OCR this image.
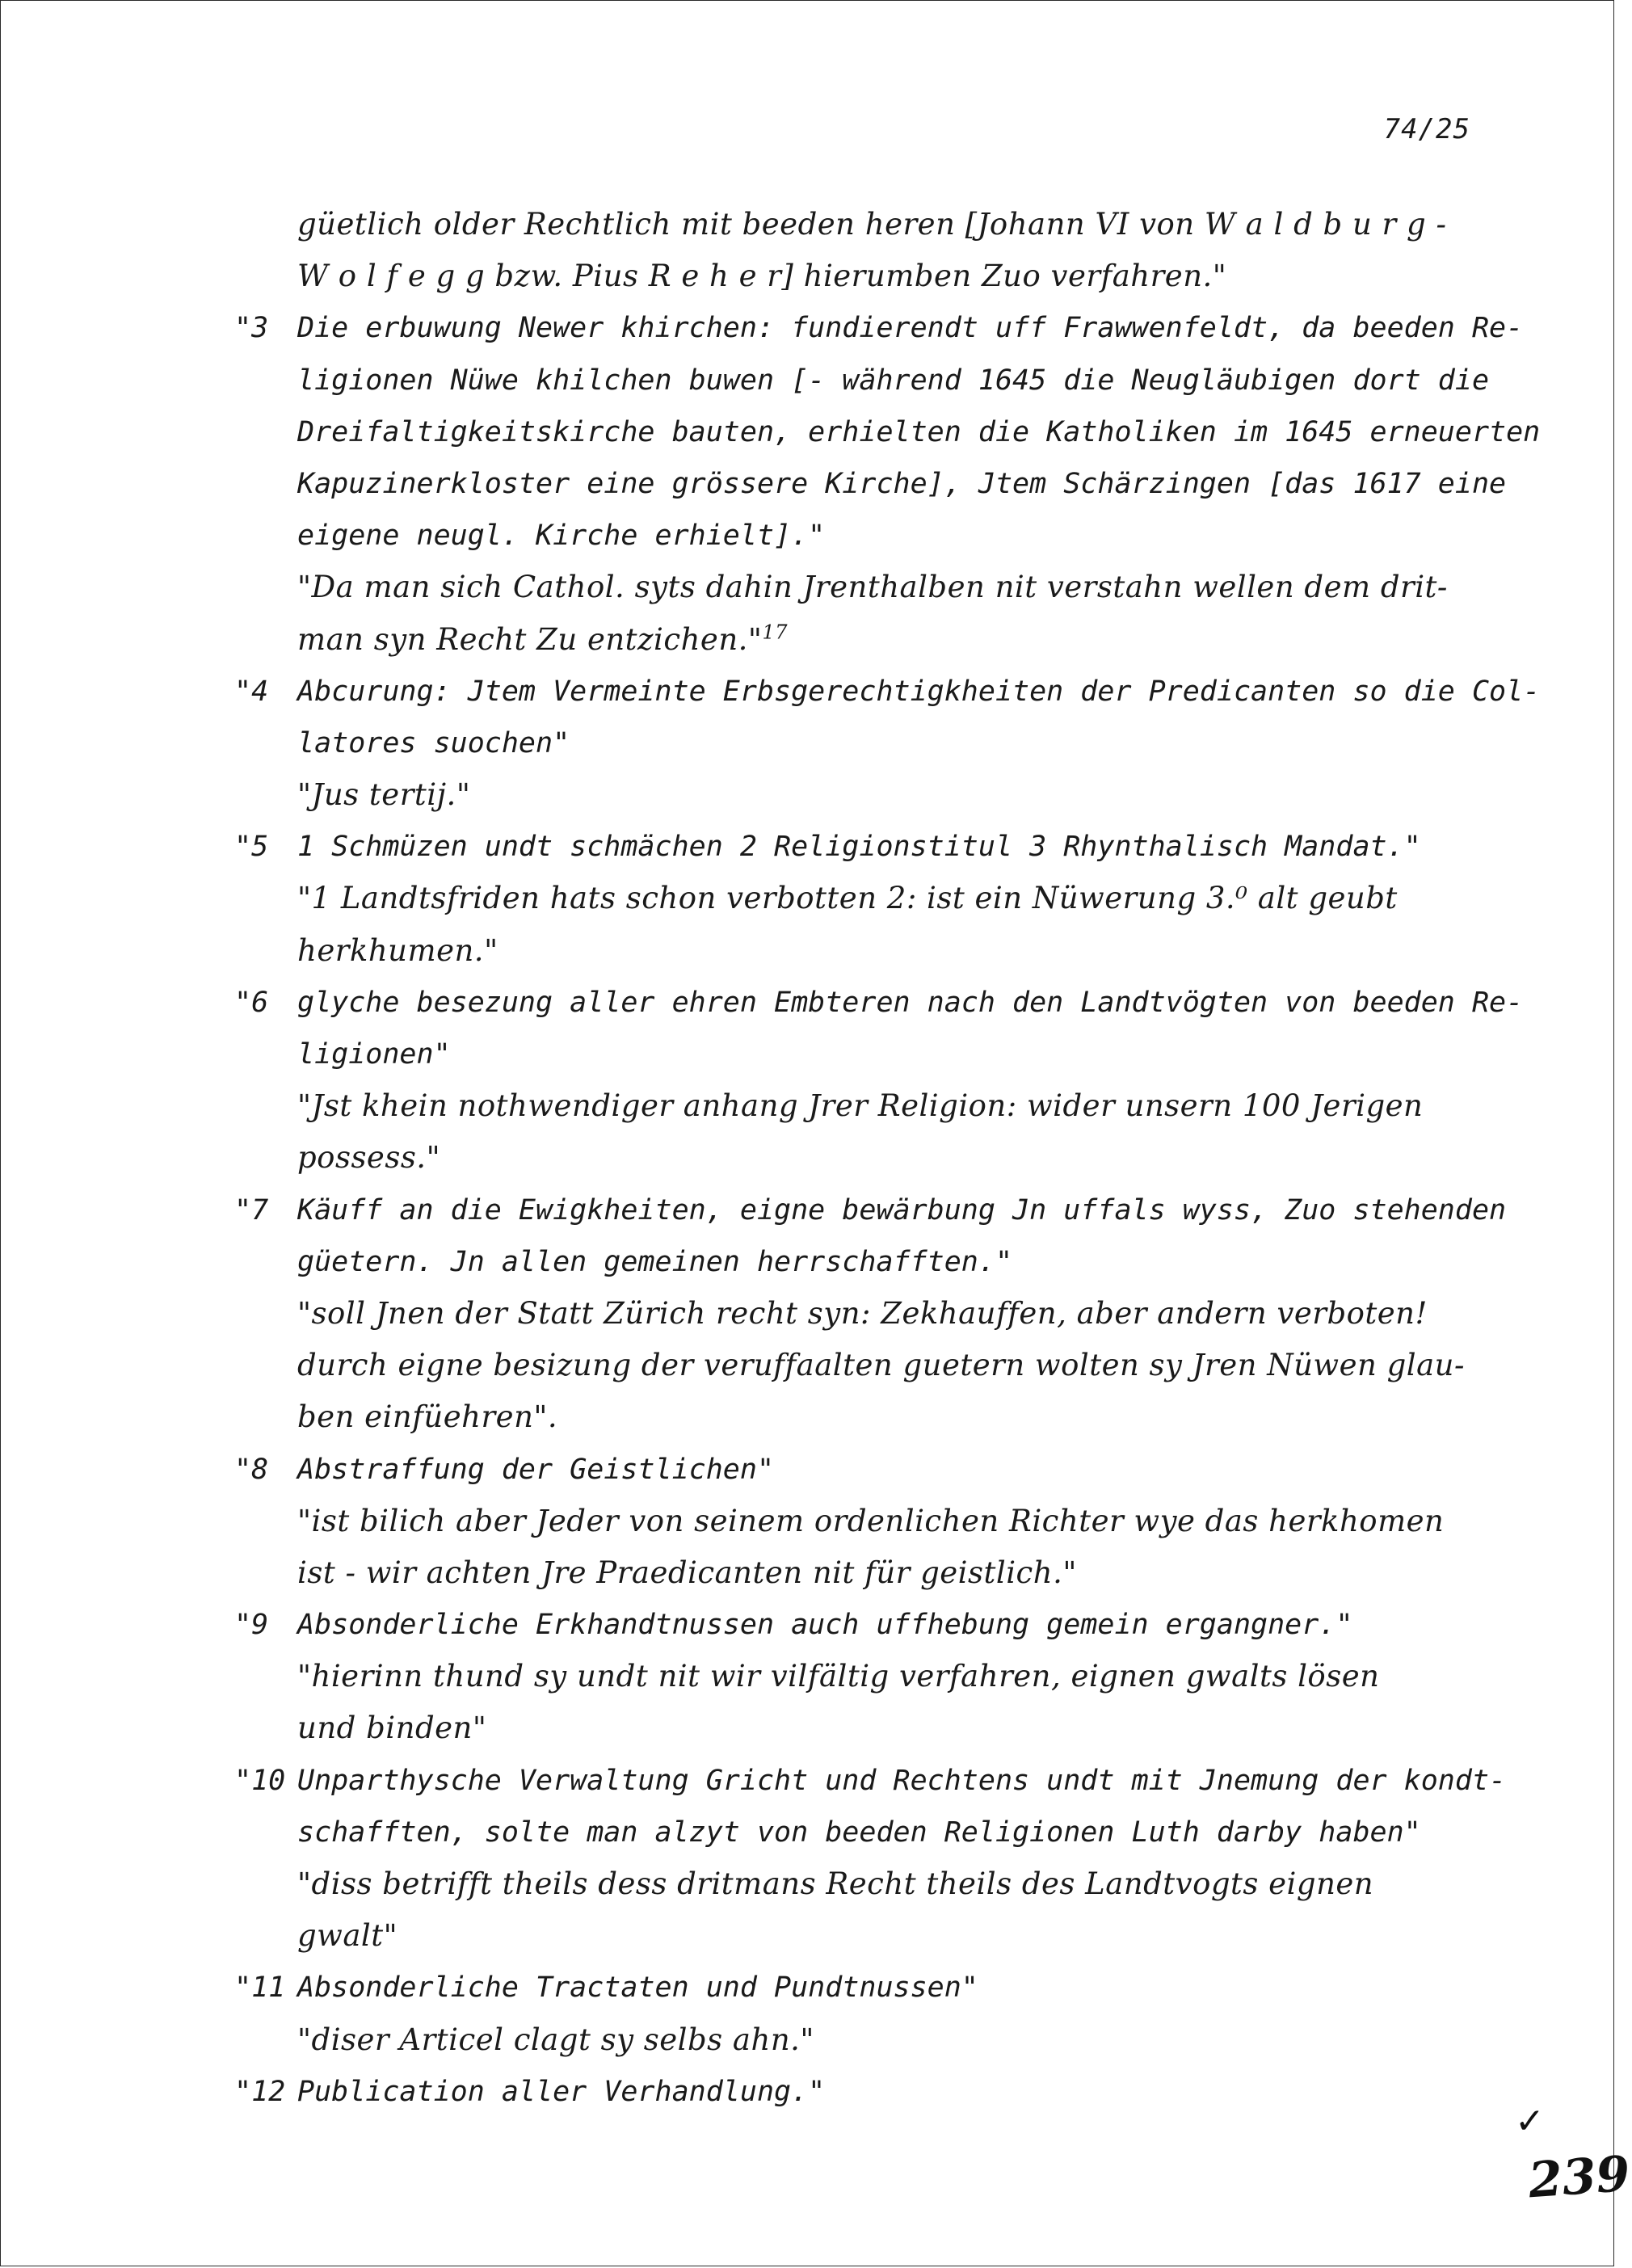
74/25
güetlich older Rechtlich mit beeden heren [Johann VI von W a l d b u r g -
W o l f e g g bzw. Pius R e h e r] hierumben Zuo verfahren."
"3	Die erbuwung Newer khirchen: fundierendt uff Frawwenfeldt, da beeden Re-
ligionen Nüwe khilchen buwen [- während 1645 die Neugläubigen dort die
Dreifaltigkeitskirche bauten, erhielten die Katholiken im 1645 erneuerten
Kapuzinerkloster eine grössere Kirche], Jtem Schärzingen [das 1617 eine
eigene neugl. Kirche erhielt]."
"Da man sich Cathol. syts dahin Jrenthalben nit verstahn wellen dem drit-
man syn Recht Zu entzichen."$^{17}$
"4	Abcurung: Jtem Vermeinte Erbsgerechtigkheiten der Predicanten so die Col-
latores suochen"
"Jus tertij."
"5	1 Schmüzen undt schmächen 2 Religionstitul 3 Rhynthalisch Mandat."
"1 Landtsfriden hats schon verbotten 2: ist ein Nüwerung 3.⁰ alt geubt
herkhumen."
"6	glyche besezung aller ehren Embteren nach den Landtvögten von beeden Re-
ligionen"
"Jst khein nothwendiger anhang Jrer Religion: wider unsern 100 Jerigen
possess."
"7	Käuff an die Ewigkheiten, eigne bewärbung Jn uffals wyss, Zuo stehenden
güetern. Jn allen gemeinen herrschafften."
"soll Jnen der Statt Zürich recht syn: Zekhauffen, aber andern verboten!
durch eigne besizung der veruffaalten guetern wolten sy Jren Nüwen glau-
ben einfüehren".
"8	Abstraffung der Geistlichen"
"ist bilich aber Jeder von seinem ordenlichen Richter wye das herkhomen
ist - wir achten Jre Praedicanten nit für geistlich."
"9	Absonderliche Erkhandtnussen auch uffhebung gemein ergangner."
"hierinn thund sy undt nit wir vilfältig verfahren, eignen gwalts lösen
und binden"
"10 Unparthysche Verwaltung Gricht und Rechtens undt mit Jnemung der kondt-
schafften, solte man alzyt von beeden Religionen Luth darby haben"
"diss betrifft theils dess dritmans Recht theils des Landtvogts eignen
gwalt"
"11 Absonderliche Tractaten und Pundtnussen"
"diser Articel clagt sy selbs ahn."
"12 Publication aller Verhandlung."
✓
239
